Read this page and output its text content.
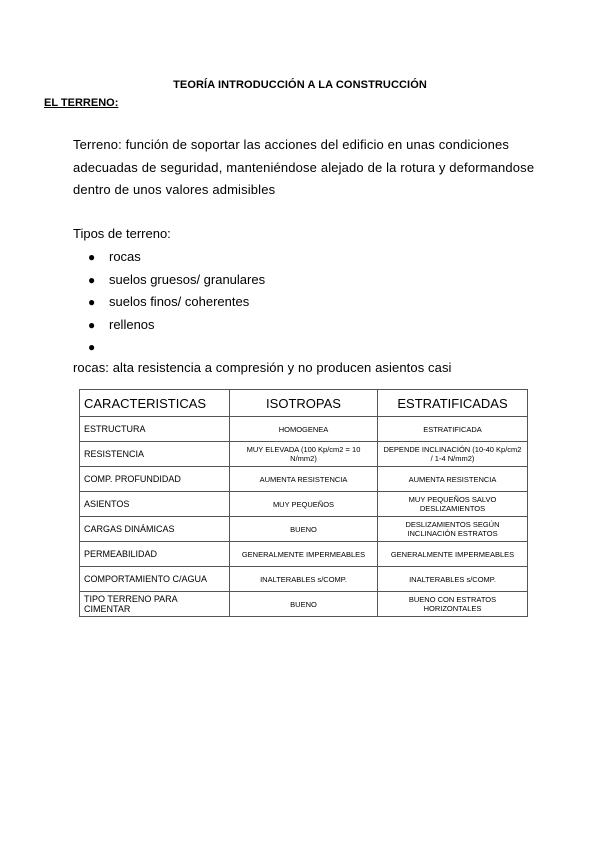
TEORÍA INTRODUCCIÓN A LA CONSTRUCCIÓN
EL TERRENO:
Terreno: función de soportar las acciones del edificio en unas condiciones adecuadas de seguridad, manteniéndose alejado de la rotura y deformandose dentro de unos valores admisibles
Tipos de terreno:
● rocas
● suelos gruesos/ granulares
● suelos finos/ coherentes
● rellenos
●
rocas: alta resistencia a compresión y no producen asientos casi
CARACTERISTICAS	ISOTROPAS	ESTRATIFICADAS
ESTRUCTURA	HOMOGENEA	ESTRATIFICADA
RESISTENCIA	MUY ELEVADA (100 Kp/cm2 = 10 N/mm2)	DEPENDE INCLINACIÓN (10-40 Kp/cm2 / 1-4 N/mm2)
COMP. PROFUNDIDAD	AUMENTA RESISTENCIA	AUMENTA RESISTENCIA
ASIENTOS	MUY PEQUEÑOS	MUY PEQUEÑOS SALVO DESLIZAMIENTOS
CARGAS DINÁMICAS	BUENO	DESLIZAMIENTOS SEGÚN INCLINACIÓN ESTRATOS
PERMEABILIDAD	GENERALMENTE IMPERMEABLES	GENERALMENTE IMPERMEABLES
COMPORTAMIENTO C/AGUA	INALTERABLES s/COMP.	INALTERABLES s/COMP.
TIPO TERRENO PARA CIMENTAR	BUENO	BUENO CON ESTRATOS HORIZONTALES
